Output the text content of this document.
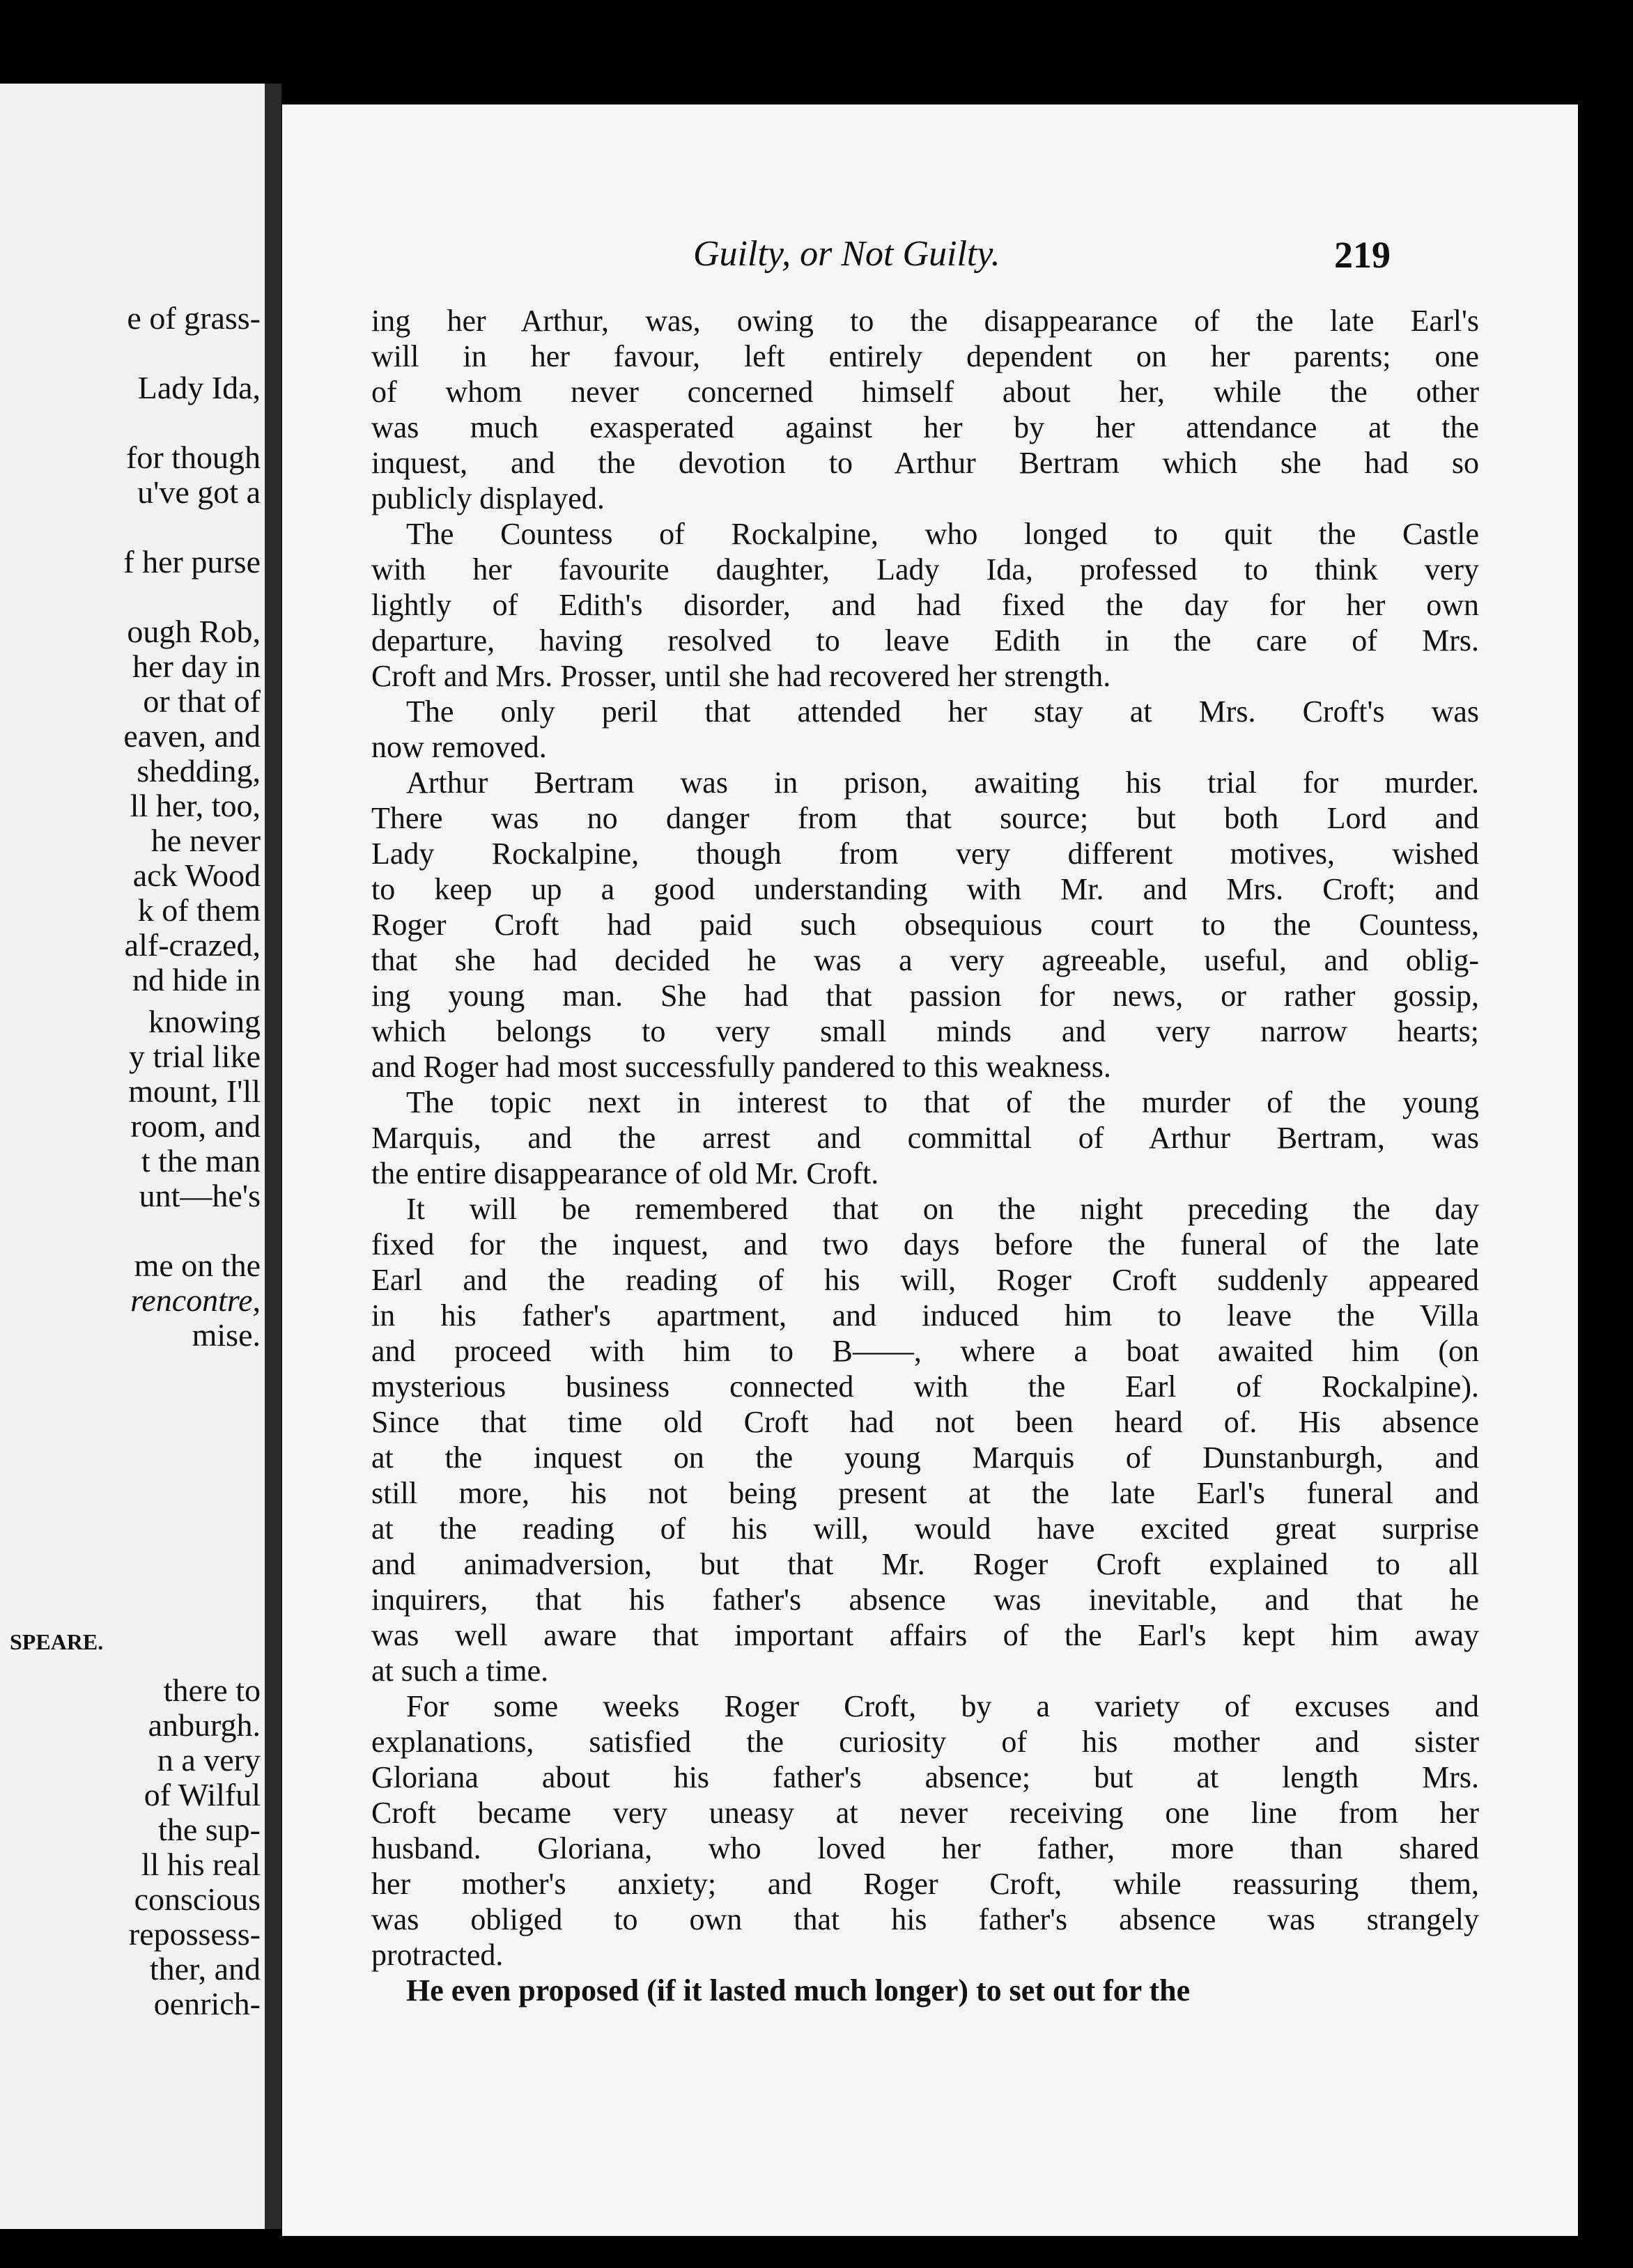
e of grass-
Lady Ida,
for though
u've got a
f her purse
ough Rob,
her day in
or that of
eaven, and
shedding,
ll her, too,
he never
ack Wood
k of them
alf-crazed,
nd hide in
knowing
y trial like
mount, I'll
room, and
t the man
unt—he's
me on the
rencontre,
mise.
SPEARE.
there to
anburgh.
n a very
of Wilful
the sup-
ll his real
conscious
repossess-
ther, and
oenrich-
Guilty, or Not Guilty.	219
ing her Arthur, was, owing to the disappearance of the late Earl's
will in her favour, left entirely dependent on her parents; one
of whom never concerned himself about her, while the other
was much exasperated against her by her attendance at the
inquest, and the devotion to Arthur Bertram which she had so
publicly displayed.
The Countess of Rockalpine, who longed to quit the Castle
with her favourite daughter, Lady Ida, professed to think very
lightly of Edith's disorder, and had fixed the day for her own
departure, having resolved to leave Edith in the care of Mrs.
Croft and Mrs. Prosser, until she had recovered her strength.
The only peril that attended her stay at Mrs. Croft's was
now removed.
Arthur Bertram was in prison, awaiting his trial for murder.
There was no danger from that source; but both Lord and
Lady Rockalpine, though from very different motives, wished
to keep up a good understanding with Mr. and Mrs. Croft; and
Roger Croft had paid such obsequious court to the Countess,
that she had decided he was a very agreeable, useful, and oblig-
ing young man. She had that passion for news, or rather gossip,
which belongs to very small minds and very narrow hearts;
and Roger had most successfully pandered to this weakness.
The topic next in interest to that of the murder of the young
Marquis, and the arrest and committal of Arthur Bertram, was
the entire disappearance of old Mr. Croft.
It will be remembered that on the night preceding the day
fixed for the inquest, and two days before the funeral of the late
Earl and the reading of his will, Roger Croft suddenly appeared
in his father's apartment, and induced him to leave the Villa
and proceed with him to B——, where a boat awaited him (on
mysterious business connected with the Earl of Rockalpine).
Since that time old Croft had not been heard of. His absence
at the inquest on the young Marquis of Dunstanburgh, and
still more, his not being present at the late Earl's funeral and
at the reading of his will, would have excited great surprise
and animadversion, but that Mr. Roger Croft explained to all
inquirers, that his father's absence was inevitable, and that he
was well aware that important affairs of the Earl's kept him away
at such a time.
For some weeks Roger Croft, by a variety of excuses and
explanations, satisfied the curiosity of his mother and sister
Gloriana about his father's absence; but at length Mrs.
Croft became very uneasy at never receiving one line from her
husband. Gloriana, who loved her father, more than shared
her mother's anxiety; and Roger Croft, while reassuring them,
was obliged to own that his father's absence was strangely
protracted.
He even proposed (if it lasted much longer) to set out for the
